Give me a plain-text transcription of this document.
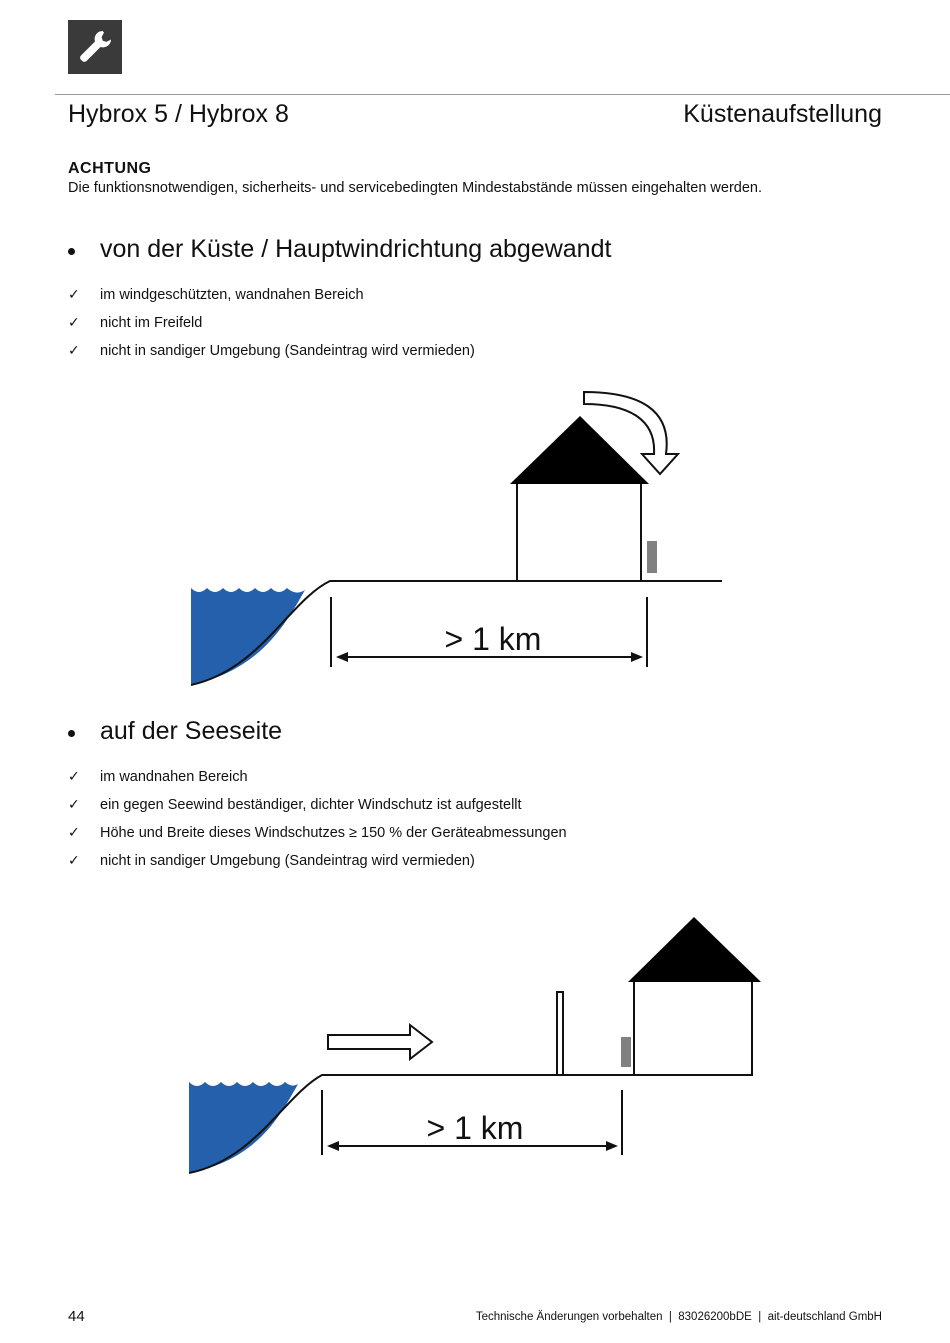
Hybrox 5 / Hybrox 8	Küstenaufstellung
ACHTUNG
Die funktionsnotwendigen, sicherheits- und servicebedingten Mindestabstände müssen eingehalten werden.
von der Küste / Hauptwindrichtung abgewandt
✓	im windgeschützten, wandnahen Bereich
✓	nicht im Freifeld
✓	nicht in sandiger Umgebung (Sandeintrag wird vermieden)
> 1 km
auf der Seeseite
✓	im wandnahen Bereich
✓	ein gegen Seewind beständiger, dichter Windschutz ist aufgestellt
✓	Höhe und Breite dieses Windschutzes ≥ 150 % der Geräteabmessungen
✓	nicht in sandiger Umgebung (Sandeintrag wird vermieden)
> 1 km
44	Technische Änderungen vorbehalten  |  83026200bDE  |  ait-deutschland GmbH
